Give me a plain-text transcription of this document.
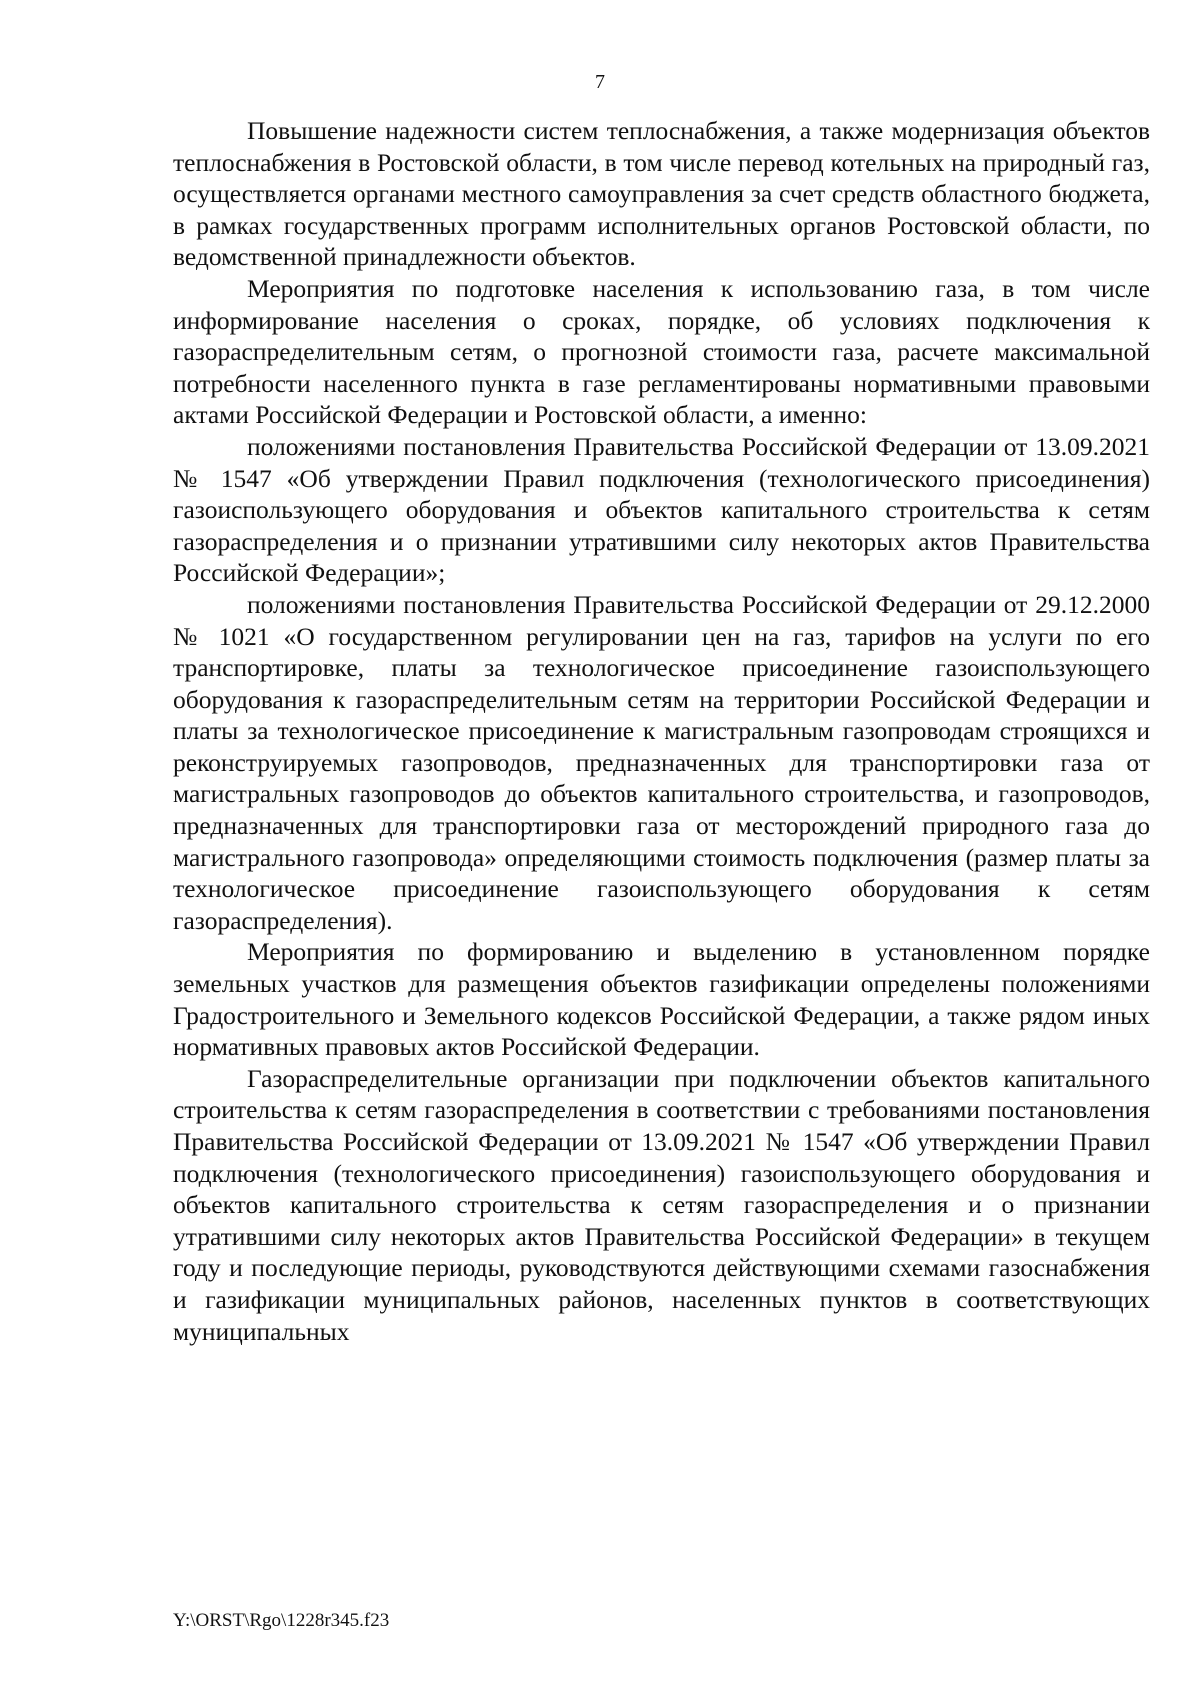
7

Повышение надежности систем теплоснабжения, а также модернизация объектов теплоснабжения в Ростовской области, в том числе перевод котельных на природный газ, осуществляется органами местного самоуправления за счет средств областного бюджета, в рамках государственных программ исполнительных органов Ростовской области, по ведомственной принадлежности объектов.

Мероприятия по подготовке населения к использованию газа, в том числе информирование населения о сроках, порядке, об условиях подключения к газораспределительным сетям, о прогнозной стоимости газа, расчете максимальной потребности населенного пункта в газе регламентированы нормативными правовыми актами Российской Федерации и Ростовской области, а именно:

положениями постановления Правительства Российской Федерации от 13.09.2021 № 1547 «Об утверждении Правил подключения (технологического присоединения) газоиспользующего оборудования и объектов капитального строительства к сетям газораспределения и о признании утратившими силу некоторых актов Правительства Российской Федерации»;

положениями постановления Правительства Российской Федерации от 29.12.2000 № 1021 «О государственном регулировании цен на газ, тарифов на услуги по его транспортировке, платы за технологическое присоединение газоиспользующего оборудования к газораспределительным сетям на территории Российской Федерации и платы за технологическое присоединение к магистральным газопроводам строящихся и реконструируемых газопроводов, предназначенных для транспортировки газа от магистральных газопроводов до объектов капитального строительства, и газопроводов, предназначенных для транспортировки газа от месторождений природного газа до магистрального газопровода» определяющими стоимость подключения (размер платы за технологическое присоединение газоиспользующего оборудования к сетям газораспределения).

Мероприятия по формированию и выделению в установленном порядке земельных участков для размещения объектов газификации определены положениями Градостроительного и Земельного кодексов Российской Федерации, а также рядом иных нормативных правовых актов Российской Федерации.

Газораспределительные организации при подключении объектов капитального строительства к сетям газораспределения в соответствии с требованиями постановления Правительства Российской Федерации от 13.09.2021 № 1547 «Об утверждении Правил подключения (технологического присоединения) газоиспользующего оборудования и объектов капитального строительства к сетям газораспределения и о признании утратившими силу некоторых актов Правительства Российской Федерации» в текущем году и последующие периоды, руководствуются действующими схемами газоснабжения и газификации муниципальных районов, населенных пунктов в соответствующих муниципальных

Y:\ORST\Rgo\1228r345.f23
